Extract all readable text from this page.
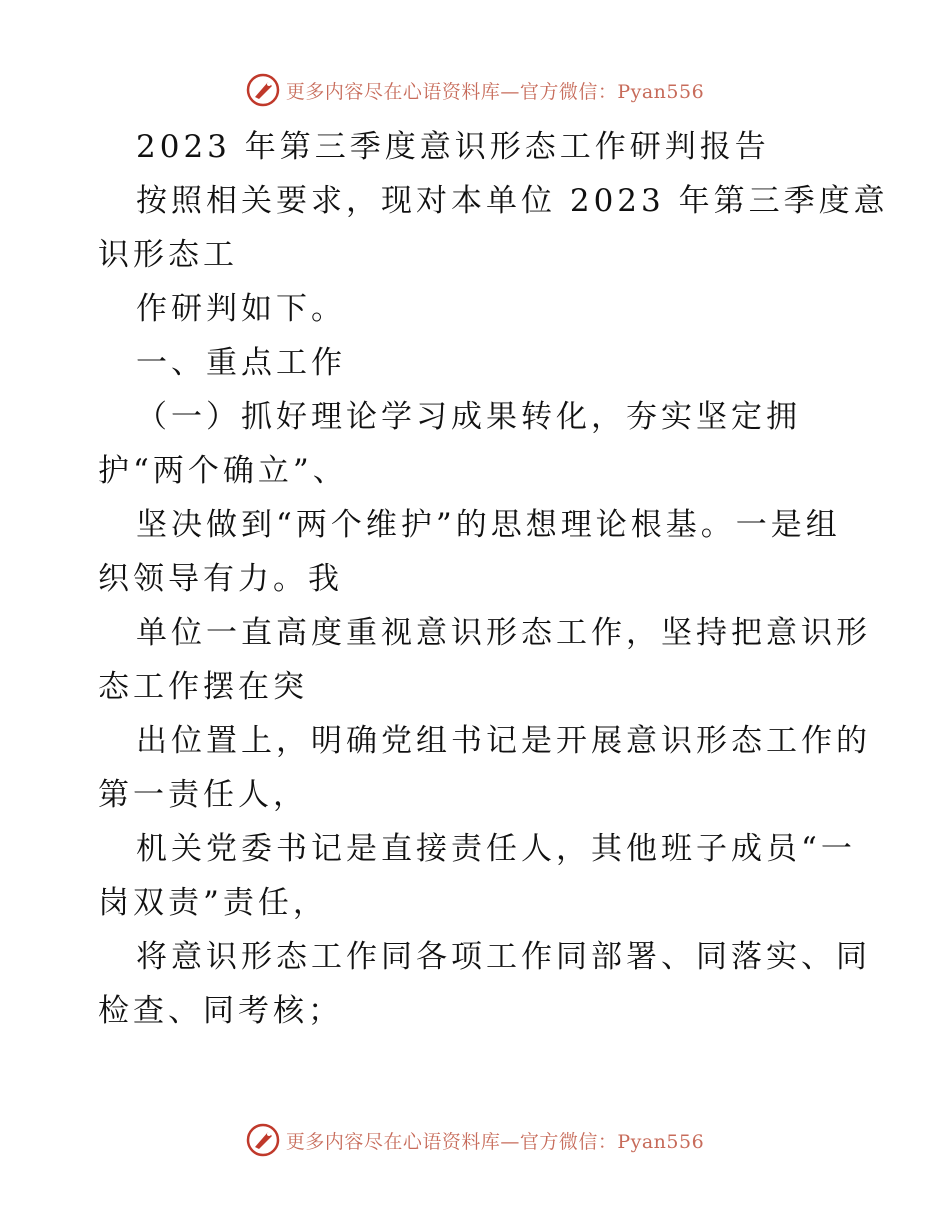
更多内容尽在心语资料库—官方微信：Pyan556
2023 年第三季度意识形态工作研判报告
按照相关要求，现对本单位 2023 年第三季度意
识形态工
作研判如下。
一、重点工作
（一）抓好理论学习成果转化，夯实坚定拥
护“两个确立”、
坚决做到“两个维护”的思想理论根基。一是组
织领导有力。我
单位一直高度重视意识形态工作，坚持把意识形
态工作摆在突
出位置上，明确党组书记是开展意识形态工作的
第一责任人，
机关党委书记是直接责任人，其他班子成员“一
岗双责”责任，
将意识形态工作同各项工作同部署、同落实、同
检查、同考核；
更多内容尽在心语资料库—官方微信：Pyan556
